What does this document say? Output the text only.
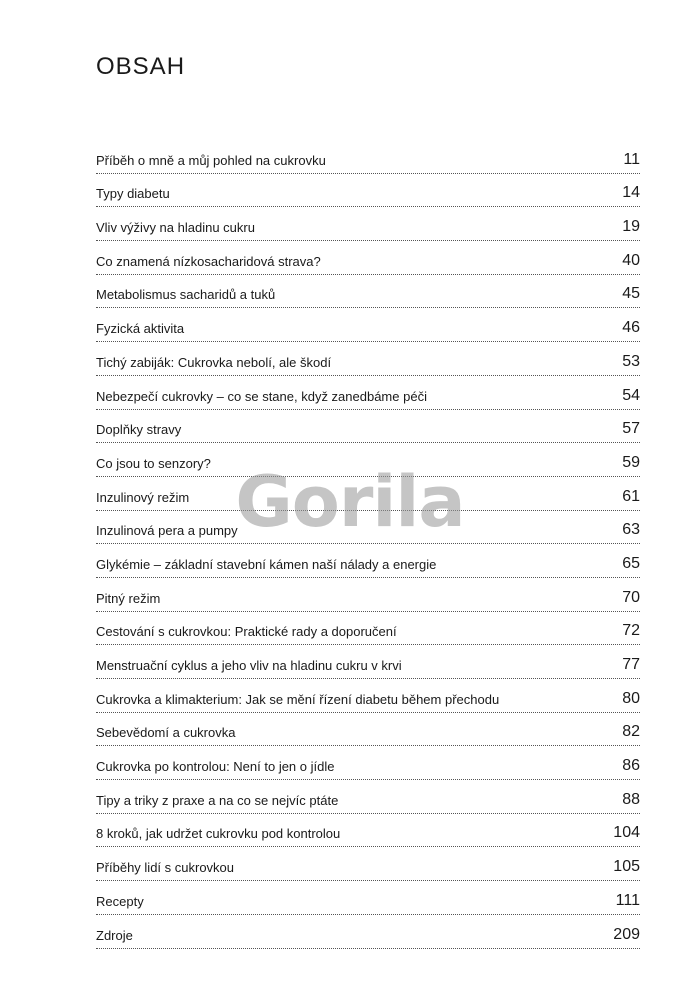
OBSAH
Příběh o mně a můj pohled na cukrovku	11
Typy diabetu	14
Vliv výživy na hladinu cukru	19
Co znamená nízkosacharidová strava?	40
Metabolismus sacharidů a tuků	45
Fyzická aktivita	46
Tichý zabiják: Cukrovka nebolí, ale škodí	53
Nebezpečí cukrovky – co se stane, když zanedbáme péči	54
Doplňky stravy	57
Co jsou to senzory?	59
Inzulinový režim	61
Inzulinová pera a pumpy	63
Glykémie – základní stavební kámen naší nálady a energie	65
Pitný režim	70
Cestování s cukrovkou: Praktické rady a doporučení	72
Menstruační cyklus a jeho vliv na hladinu cukru v krvi	77
Cukrovka a klimakterium: Jak se mění řízení diabetu během přechodu	80
Sebevědomí a cukrovka	82
Cukrovka po kontrolou: Není to jen o jídle	86
Tipy a triky z praxe a na co se nejvíc ptáte	88
8 kroků, jak udržet cukrovku pod kontrolou	104
Příběhy lidí s cukrovkou	105
Recepty	111
Zdroje	209
Gorila
